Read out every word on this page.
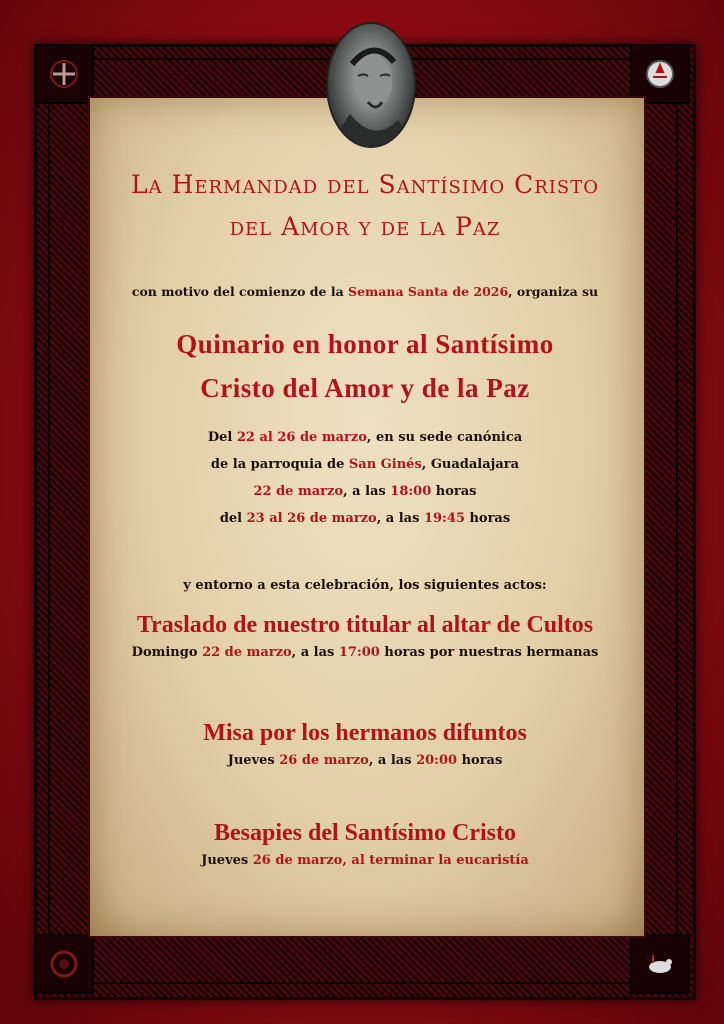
La Hermandad del Santísimo Cristo
del Amor y de la Paz
con motivo del comienzo de la Semana Santa de 2026, organiza su
Quinario en honor al Santísimo
Cristo del Amor y de la Paz
Del 22 al 26 de marzo, en su sede canónica
de la parroquia de San Ginés, Guadalajara
22 de marzo, a las 18:00 horas
del 23 al 26 de marzo, a las 19:45 horas
y entorno a esta celebración, los siguientes actos:
Traslado de nuestro titular al altar de Cultos
Domingo 22 de marzo, a las 17:00 horas por nuestras hermanas
Misa por los hermanos difuntos
Jueves 26 de marzo, a las 20:00 horas
Besapies del Santísimo Cristo
Jueves 26 de marzo, al terminar la eucaristía
